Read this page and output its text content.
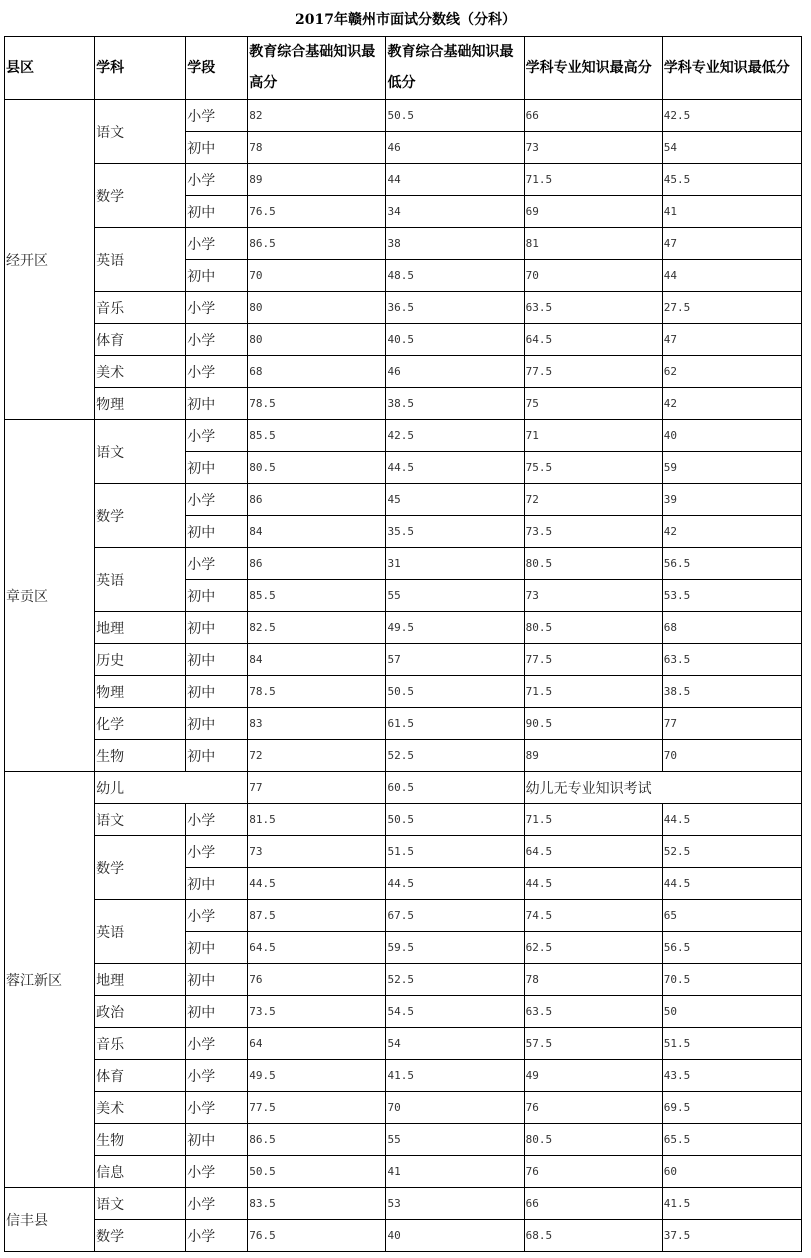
2017年赣州市面试分数线（分科）
县区	学科	学段	教育综合基础知识最高分	教育综合基础知识最低分	学科专业知识最高分	学科专业知识最低分
经开区	语文	小学	82	50.5	66	42.5
		初中	78	46	73	54
	数学	小学	89	44	71.5	45.5
		初中	76.5	34	69	41
	英语	小学	86.5	38	81	47
		初中	70	48.5	70	44
	音乐	小学	80	36.5	63.5	27.5
	体育	小学	80	40.5	64.5	47
	美术	小学	68	46	77.5	62
	物理	初中	78.5	38.5	75	42
章贡区	语文	小学	85.5	42.5	71	40
		初中	80.5	44.5	75.5	59
	数学	小学	86	45	72	39
		初中	84	35.5	73.5	42
	英语	小学	86	31	80.5	56.5
		初中	85.5	55	73	53.5
	地理	初中	82.5	49.5	80.5	68
	历史	初中	84	57	77.5	63.5
	物理	初中	78.5	50.5	71.5	38.5
	化学	初中	83	61.5	90.5	77
	生物	初中	72	52.5	89	70
蓉江新区	幼儿		77	60.5	幼儿无专业知识考试	
	语文	小学	81.5	50.5	71.5	44.5
	数学	小学	73	51.5	64.5	52.5
		初中	44.5	44.5	44.5	44.5
	英语	小学	87.5	67.5	74.5	65
		初中	64.5	59.5	62.5	56.5
	地理	初中	76	52.5	78	70.5
	政治	初中	73.5	54.5	63.5	50
	音乐	小学	64	54	57.5	51.5
	体育	小学	49.5	41.5	49	43.5
	美术	小学	77.5	70	76	69.5
	生物	初中	86.5	55	80.5	65.5
	信息	小学	50.5	41	76	60
信丰县	语文	小学	83.5	53	66	41.5
	数学	小学	76.5	40	68.5	37.5
